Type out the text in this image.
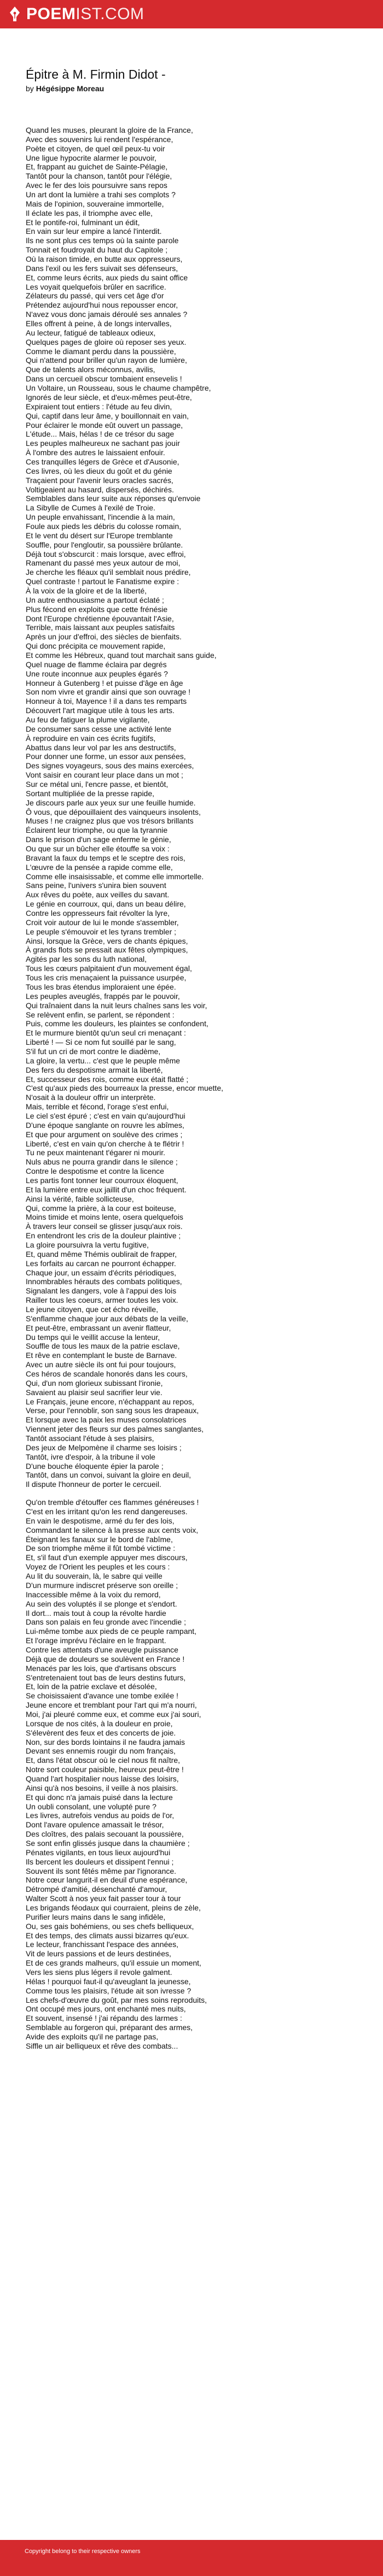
POEM IST.COM
Épitre à M. Firmin Didot -
by Hégésippe Moreau
Quand les muses, pleurant la gloire de la France,
Avec des souvenirs lui rendent l'espérance,
Poète et citoyen, de quel œil peux-tu voir
Une ligue hypocrite alarmer le pouvoir,
Et, frappant au guichet de Sainte-Pélagie,
Tantôt pour la chanson, tantôt pour l'élégie,
Avec le fer des lois poursuivre sans repos
Un art dont la lumière a trahi ses complots ?
Mais de l'opinion, souveraine immortelle,
Il éclate les pas, il triomphe avec elle,
Et le pontife-roi, fulminant un édit,
En vain sur leur empire a lancé l'interdit.
Ils ne sont plus ces temps où la sainte parole
Tonnait et foudroyait du haut du Capitole ;
Où la raison timide, en butte aux oppresseurs,
Dans l'exil ou les fers suivait ses défenseurs,
Et, comme leurs écrits, aux pieds du saint office
Les voyait quelquefois brûler en sacrifice.
Zélateurs du passé, qui vers cet âge d'or
Prétendez aujourd'hui nous repousser encor,
N'avez vous donc jamais déroulé ses annales ?
Elles offrent à peine, à de longs intervalles,
Au lecteur, fatigué de tableaux odieux,
Quelques pages de gloire où reposer ses yeux.
Comme le diamant perdu dans la poussière,
Qui n'attend pour briller qu'un rayon de lumière,
Que de talents alors méconnus, avilis,
Dans un cercueil obscur tombaient ensevelis !
Un Voltaire, un Rousseau, sous le chaume champêtre,
Ignorés de leur siècle, et d'eux-mêmes peut-être,
Expiraient tout entiers : l'étude au feu divin,
Qui, captif dans leur âme, y bouillonnait en vain,
Pour éclairer le monde eût ouvert un passage,
L'étude... Mais, hélas ! de ce trésor du sage
Les peuples malheureux ne sachant pas jouir
À l'ombre des autres le laissaient enfouir.
Ces tranquilles légers de Grèce et d'Ausonie,
Ces livres, où les dieux du goût et du génie
Traçaient pour l'avenir leurs oracles sacrés,
Voltigeaient au hasard, dispersés, déchirés.
Semblables dans leur suite aux réponses qu'envoie
La Sibylle de Cumes à l'exilé de Troie.
Un peuple envahissant, l'incendie à la main,
Foule aux pieds les débris du colosse romain,
Et le vent du désert sur l'Europe tremblante
Souffle, pour l'engloutir, sa poussière brûlante.
Déjà tout s'obscurcit : mais lorsque, avec effroi,
Ramenant du passé mes yeux autour de moi,
Je cherche les fléaux qu'il semblait nous prédire,
Quel contraste ! partout le Fanatisme expire :
À la voix de la gloire et de la liberté,
Un autre enthousiasme a partout éclaté ;
Plus fécond en exploits que cette frénésie
Dont l'Europe chrétienne épouvantait l'Asie,
Terrible, mais laissant aux peuples satisfaits
Après un jour d'effroi, des siècles de bienfaits.
Qui donc précipita ce mouvement rapide,
Et comme les Hébreux, quand tout marchait sans guide,
Quel nuage de flamme éclaira par degrés
Une route inconnue aux peuples égarés ?
Honneur à Gutenberg ! et puisse d'âge en âge
Son nom vivre et grandir ainsi que son ouvrage !
Honneur à toi, Mayence ! il a dans tes remparts
Découvert l'art magique utile à tous les arts.
Au feu de fatiguer la plume vigilante,
De consumer sans cesse une activité lente
À reproduire en vain ces écrits fugitifs,
Abattus dans leur vol par les ans destructifs,
Pour donner une forme, un essor aux pensées,
Des signes voyageurs, sous des mains exercées,
Vont saisir en courant leur place dans un mot ;
Sur ce métal uni, l'encre passe, et bientôt,
Sortant multipliée de la presse rapide,
Je discours parle aux yeux sur une feuille humide.
Ô vous, que dépouillaient des vainqueurs insolents,
Muses ! ne craignez plus que vos trésors brillants
Éclairent leur triomphe, ou que la tyrannie
Dans le prison d'un sage enferme le génie,
Ou que sur un bûcher elle étouffe sa voix :
Bravant la faux du temps et le sceptre des rois,
L'œuvre de la pensée a rapide comme elle,
Comme elle insaisissable, et comme elle immortelle.
Sans peine, l'univers s'unira bien souvent
Aux rêves du poète, aux veilles du savant.
Le génie en courroux, qui, dans un beau délire,
Contre les oppresseurs fait révolter la lyre,
Croit voir autour de lui le monde s'assembler,
Le peuple s'émouvoir et les tyrans trembler ;
Ainsi, lorsque la Grèce, vers de chants épiques,
À grands flots se pressait aux fêtes olympiques,
Agités par les sons du luth national,
Tous les cœurs palpitaient d'un mouvement égal,
Tous les cris menaçaient la puissance usurpée,
Tous les bras étendus imploraient une épée.
Les peuples aveuglés, frappés par le pouvoir,
Qui traînaient dans la nuit leurs chaînes sans les voir,
Se relèvent enfin, se parlent, se répondent :
Puis, comme les douleurs, les plaintes se confondent,
Et le murmure bientôt qu'un seul cri menaçant :
Liberté ! — Si ce nom fut souillé par le sang,
S'il fut un cri de mort contre le diadème,
La gloire, la vertu... c'est que le peuple même
Des fers du despotisme armait la liberté,
Et, successeur des rois, comme eux était flatté ;
C'est qu'aux pieds des bourreaux la presse, encor muette,
N'osait à la douleur offrir un interprète.
Mais, terrible et fécond, l'orage s'est enfui,
Le ciel s'est épuré ; c'est en vain qu'aujourd'hui
D'une époque sanglante on rouvre les abîmes,
Et que pour argument on soulève des crimes ;
Liberté, c'est en vain qu'on cherche à te flétrir !
Tu ne peux maintenant t'égarer ni mourir.
Nuls abus ne pourra grandir dans le silence ;
Contre le despotisme et contre la licence
Les partis font tonner leur courroux éloquent,
Et la lumière entre eux jaillit d'un choc fréquent.
Ainsi la vérité, faible sollicteuse,
Qui, comme la prière, à la cour est boiteuse,
Moins timide et moins lente, osera quelquefois
À travers leur conseil se glisser jusqu'aux rois.
En entendront les cris de la douleur plaintive ;
La gloire poursuivra la vertu fugitive,
Et, quand même Thémis oublirait de frapper,
Les forfaits au carcan ne pourront échapper.
Chaque jour, un essaim d'écrits périodiques,
Innombrables hérauts des combats politiques,
Signalant les dangers, vole à l'appui des lois
Railler tous les coeurs, armer toutes les voix.
Le jeune citoyen, que cet écho réveille,
S'enflamme chaque jour aux débats de la veille,
Et peut-être, embrassant un avenir flatteur,
Du temps qui le veillit accuse la lenteur,
Souffle de tous les maux de la patrie esclave,
Et rêve en contemplant le buste de Barnave.
Avec un autre siècle ils ont fui pour toujours,
Ces héros de scandale honorés dans les cours,
Qui, d'un nom glorieux subissant l'ironie,
Savaient au plaisir seul sacrifier leur vie.
Le Français, jeune encore, n'échappant au repos,
Verse, pour l'ennoblir, son sang sous les drapeaux,
Et lorsque avec la paix les muses consolatrices
Viennent jeter des fleurs sur des palmes sanglantes,
Tantôt associant l'étude à ses plaisirs,
Des jeux de Melpomène il charme ses loisirs ;
Tantôt, ivre d'espoir, à la tribune il vole
D'une bouche éloquente épier la parole ;
Tantôt, dans un convoi, suivant la gloire en deuil,
Il dispute l'honneur de porter le cercueil.
Qu'on tremble d'étouffer ces flammes généreuses !
C'est en les irritant qu'on les rend dangereuses.
En vain le despotisme, armé du fer des lois,
Commandant le silence à la presse aux cents voix,
Éteignant les fanaux sur le bord de l'abîme,
De son triomphe même il fût tombé victime :
Et, s'il faut d'un exemple appuyer mes discours,
Voyez de l'Orient les peuples et les cours :
Au lit du souverain, là, le sabre qui veille
D'un murmure indiscret préserve son oreille ;
Inaccessible même à la voix du remord,
Au sein des voluptés il se plonge et s'endort.
Il dort... mais tout à coup la révolte hardie
Dans son palais en feu gronde avec l'incendie ;
Lui-même tombe aux pieds de ce peuple rampant,
Et l'orage imprévu l'éclaire en le frappant.
Contre les attentats d'une aveugle puissance
Déjà que de douleurs se soulèvent en France !
Menacés par les lois, que d'artisans obscurs
S'entretenaient tout bas de leurs destins futurs,
Et, loin de la patrie exclave et désolée,
Se choisissaient d'avance une tombe exilée !
Jeune encore et tremblant pour l'art qui m'a nourri,
Moi, j'ai pleuré comme eux, et comme eux j'ai souri,
Lorsque de nos cités, à la douleur en proie,
S'élevèrent des feux et des concerts de joie.
Non, sur des bords lointains il ne faudra jamais
Devant ses ennemis rougir du nom français,
Et, dans l'état obscur où le ciel nous fit naître,
Notre sort couleur paisible, heureux peut-être !
Quand l'art hospitalier nous laisse des loisirs,
Ainsi qu'à nos besoins, il veille à nos plaisirs.
Et qui donc n'a jamais puisé dans la lecture
Un oubli consolant, une volupté pure ?
Les livres, autrefois vendus au poids de l'or,
Dont l'avare opulence amassait le trésor,
Des cloîtres, des palais secouant la poussière,
Se sont enfin glissés jusque dans la chaumière ;
Pénates vigilants, en tous lieux aujourd'hui
Ils bercent les douleurs et dissipent l'ennui ;
Souvent ils sont fêtés même par l'ignorance.
Notre cœur langurit-il en deuil d'une espérance,
Détrompé d'amitié, désenchanté d'amour,
Walter Scott à nos yeux fait passer tour à tour
Les brigands féodaux qui courraient, pleins de zèle,
Purifier leurs mains dans le sang infidèle,
Ou, ses gais bohémiens, ou ses chefs belliqueux,
Et des temps, des climats aussi bizarres qu'eux.
Le lecteur, franchissant l'espace des années,
Vit de leurs passions et de leurs destinées,
Et de ces grands malheurs, qu'il essuie un moment,
Vers les siens plus légers il revole galment.
Hélas ! pourquoi faut-il qu'aveuglant la jeunesse,
Comme tous les plaisirs, l'étude ait son ivresse ?
Les chefs-d'œuvre du goût, par mes soins reproduits,
Ont occupé mes jours, ont enchanté mes nuits,
Et souvent, insensé ! j'ai répandu des larmes :
Semblable au forgeron qui, préparant des armes,
Avide des exploits qu'il ne partage pas,
Siffle un air belliqueux et rêve des combats...
Copyright belong to their respective owners
